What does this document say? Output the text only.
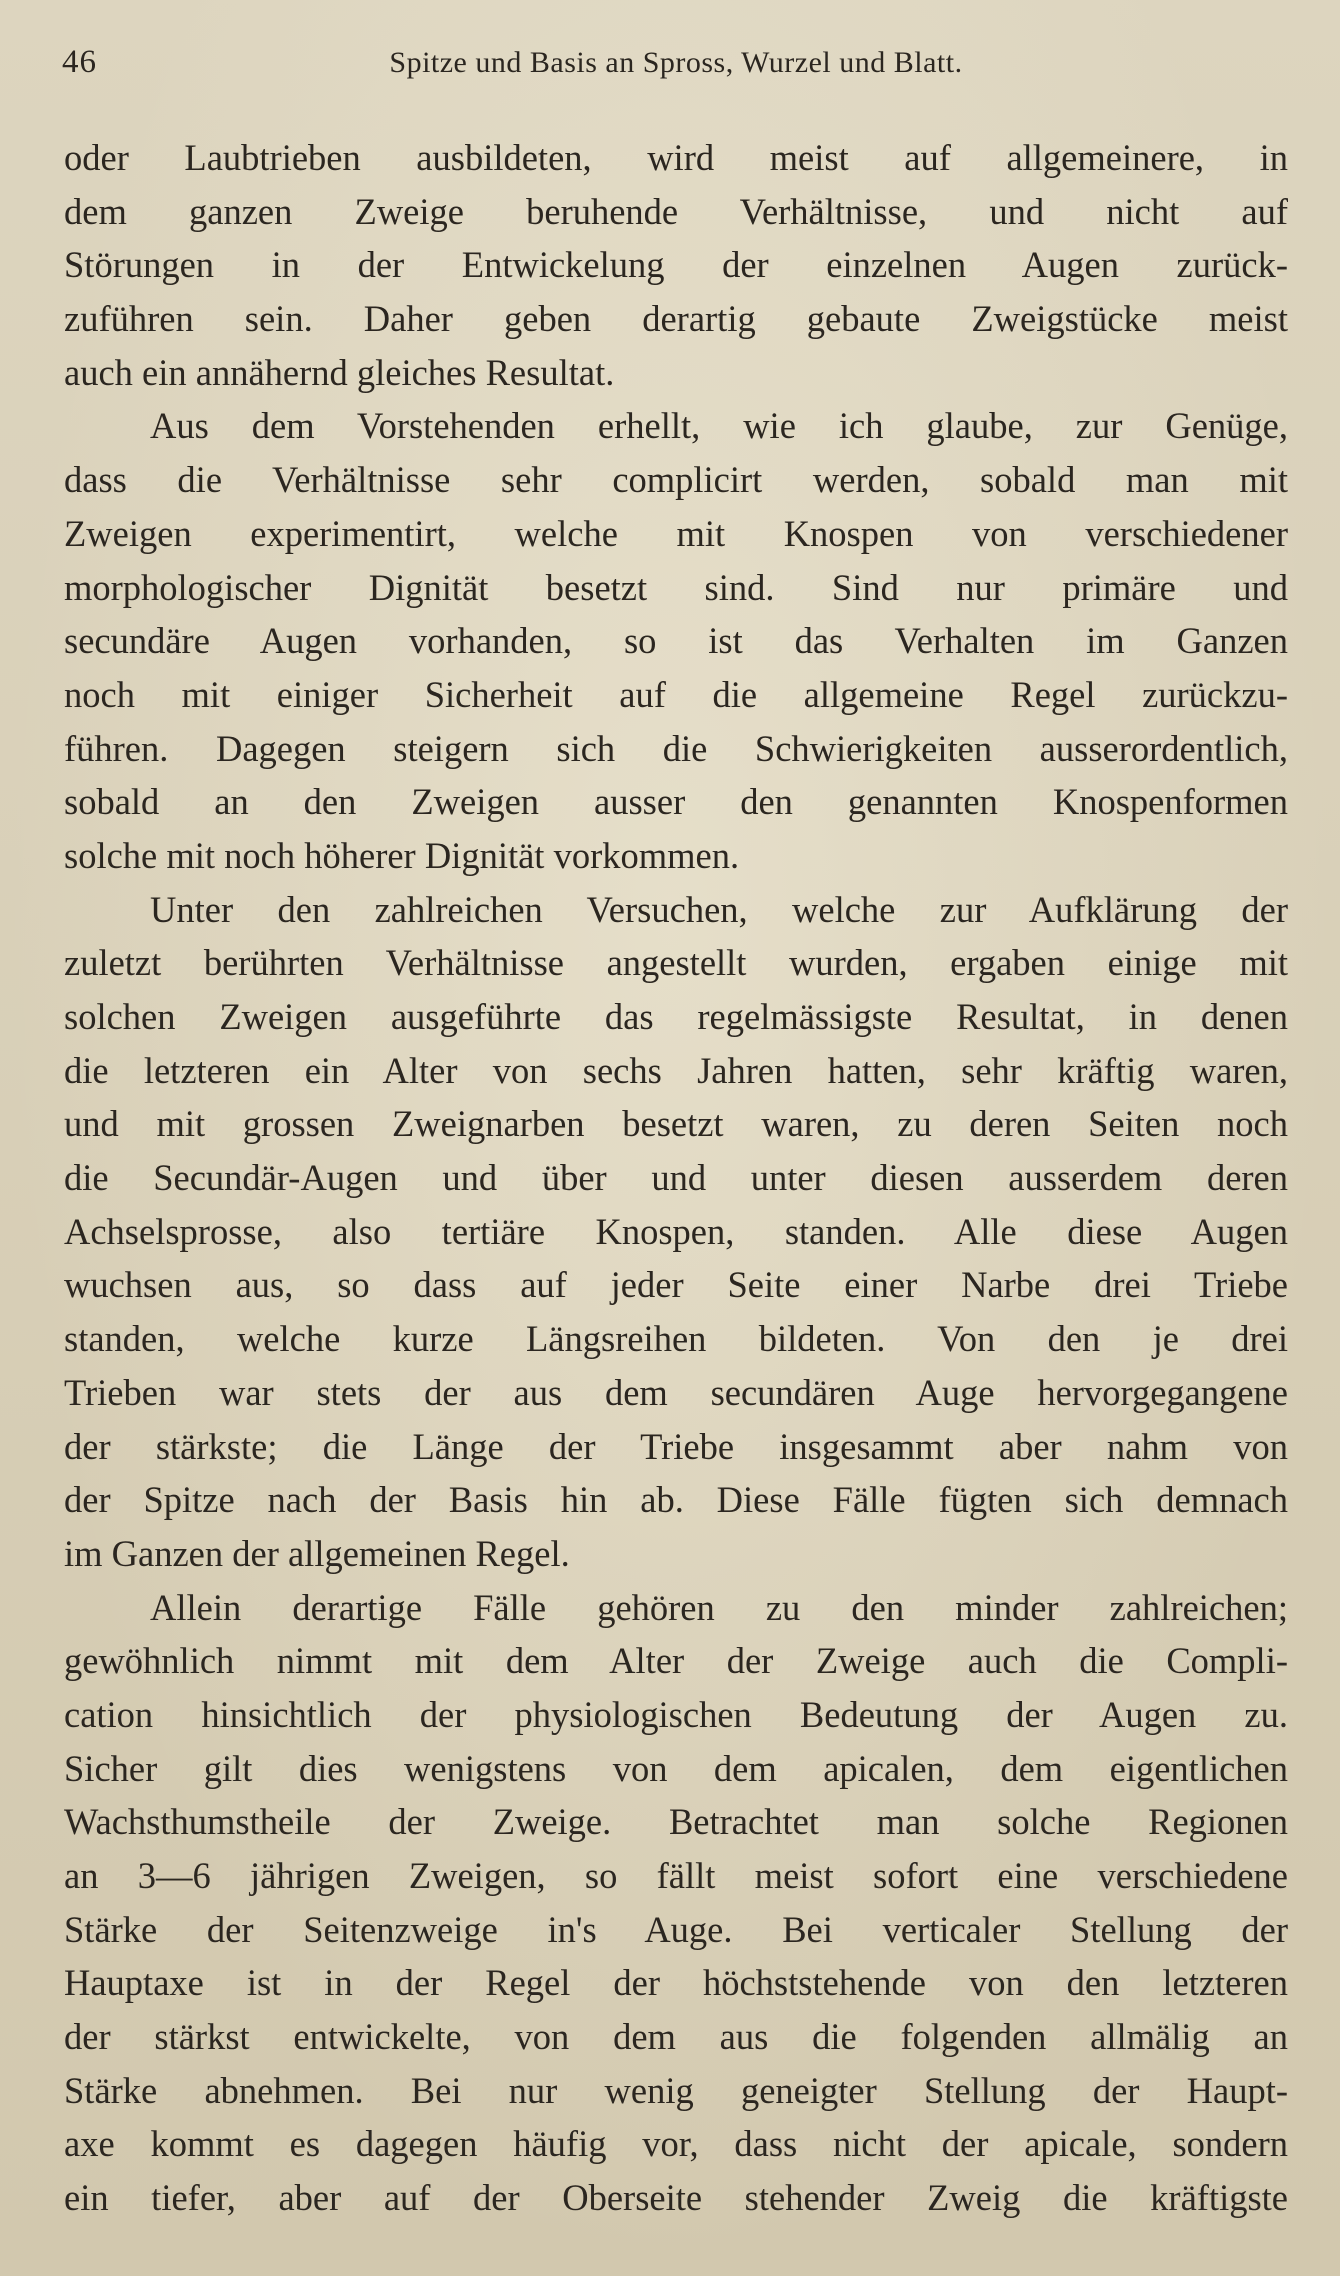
46	Spitze und Basis an Spross, Wurzel und Blatt.
oder Laubtrieben ausbildeten, wird meist auf allgemeinere, in
dem ganzen Zweige beruhende Verhältnisse, und nicht auf
Störungen in der Entwickelung der einzelnen Augen zurück-
zuführen sein. Daher geben derartig gebaute Zweigstücke meist
auch ein annähernd gleiches Resultat.
Aus dem Vorstehenden erhellt, wie ich glaube, zur Genüge,
dass die Verhältnisse sehr complicirt werden, sobald man mit
Zweigen experimentirt, welche mit Knospen von verschiedener
morphologischer Dignität besetzt sind. Sind nur primäre und
secundäre Augen vorhanden, so ist das Verhalten im Ganzen
noch mit einiger Sicherheit auf die allgemeine Regel zurückzu-
führen. Dagegen steigern sich die Schwierigkeiten ausserordentlich,
sobald an den Zweigen ausser den genannten Knospenformen
solche mit noch höherer Dignität vorkommen.
Unter den zahlreichen Versuchen, welche zur Aufklärung der
zuletzt berührten Verhältnisse angestellt wurden, ergaben einige mit
solchen Zweigen ausgeführte das regelmässigste Resultat, in denen
die letzteren ein Alter von sechs Jahren hatten, sehr kräftig waren,
und mit grossen Zweignarben besetzt waren, zu deren Seiten noch
die Secundär-Augen und über und unter diesen ausserdem deren
Achselsprosse, also tertiäre Knospen, standen. Alle diese Augen
wuchsen aus, so dass auf jeder Seite einer Narbe drei Triebe
standen, welche kurze Längsreihen bildeten. Von den je drei
Trieben war stets der aus dem secundären Auge hervorgegangene
der stärkste; die Länge der Triebe insgesammt aber nahm von
der Spitze nach der Basis hin ab. Diese Fälle fügten sich demnach
im Ganzen der allgemeinen Regel.
Allein derartige Fälle gehören zu den minder zahlreichen;
gewöhnlich nimmt mit dem Alter der Zweige auch die Compli-
cation hinsichtlich der physiologischen Bedeutung der Augen zu.
Sicher gilt dies wenigstens von dem apicalen, dem eigentlichen
Wachsthumstheile der Zweige. Betrachtet man solche Regionen
an 3—6 jährigen Zweigen, so fällt meist sofort eine verschiedene
Stärke der Seitenzweige in's Auge. Bei verticaler Stellung der
Hauptaxe ist in der Regel der höchststehende von den letzteren
der stärkst entwickelte, von dem aus die folgenden allmälig an
Stärke abnehmen. Bei nur wenig geneigter Stellung der Haupt-
axe kommt es dagegen häufig vor, dass nicht der apicale, sondern
ein tiefer, aber auf der Oberseite stehender Zweig die kräftigste
